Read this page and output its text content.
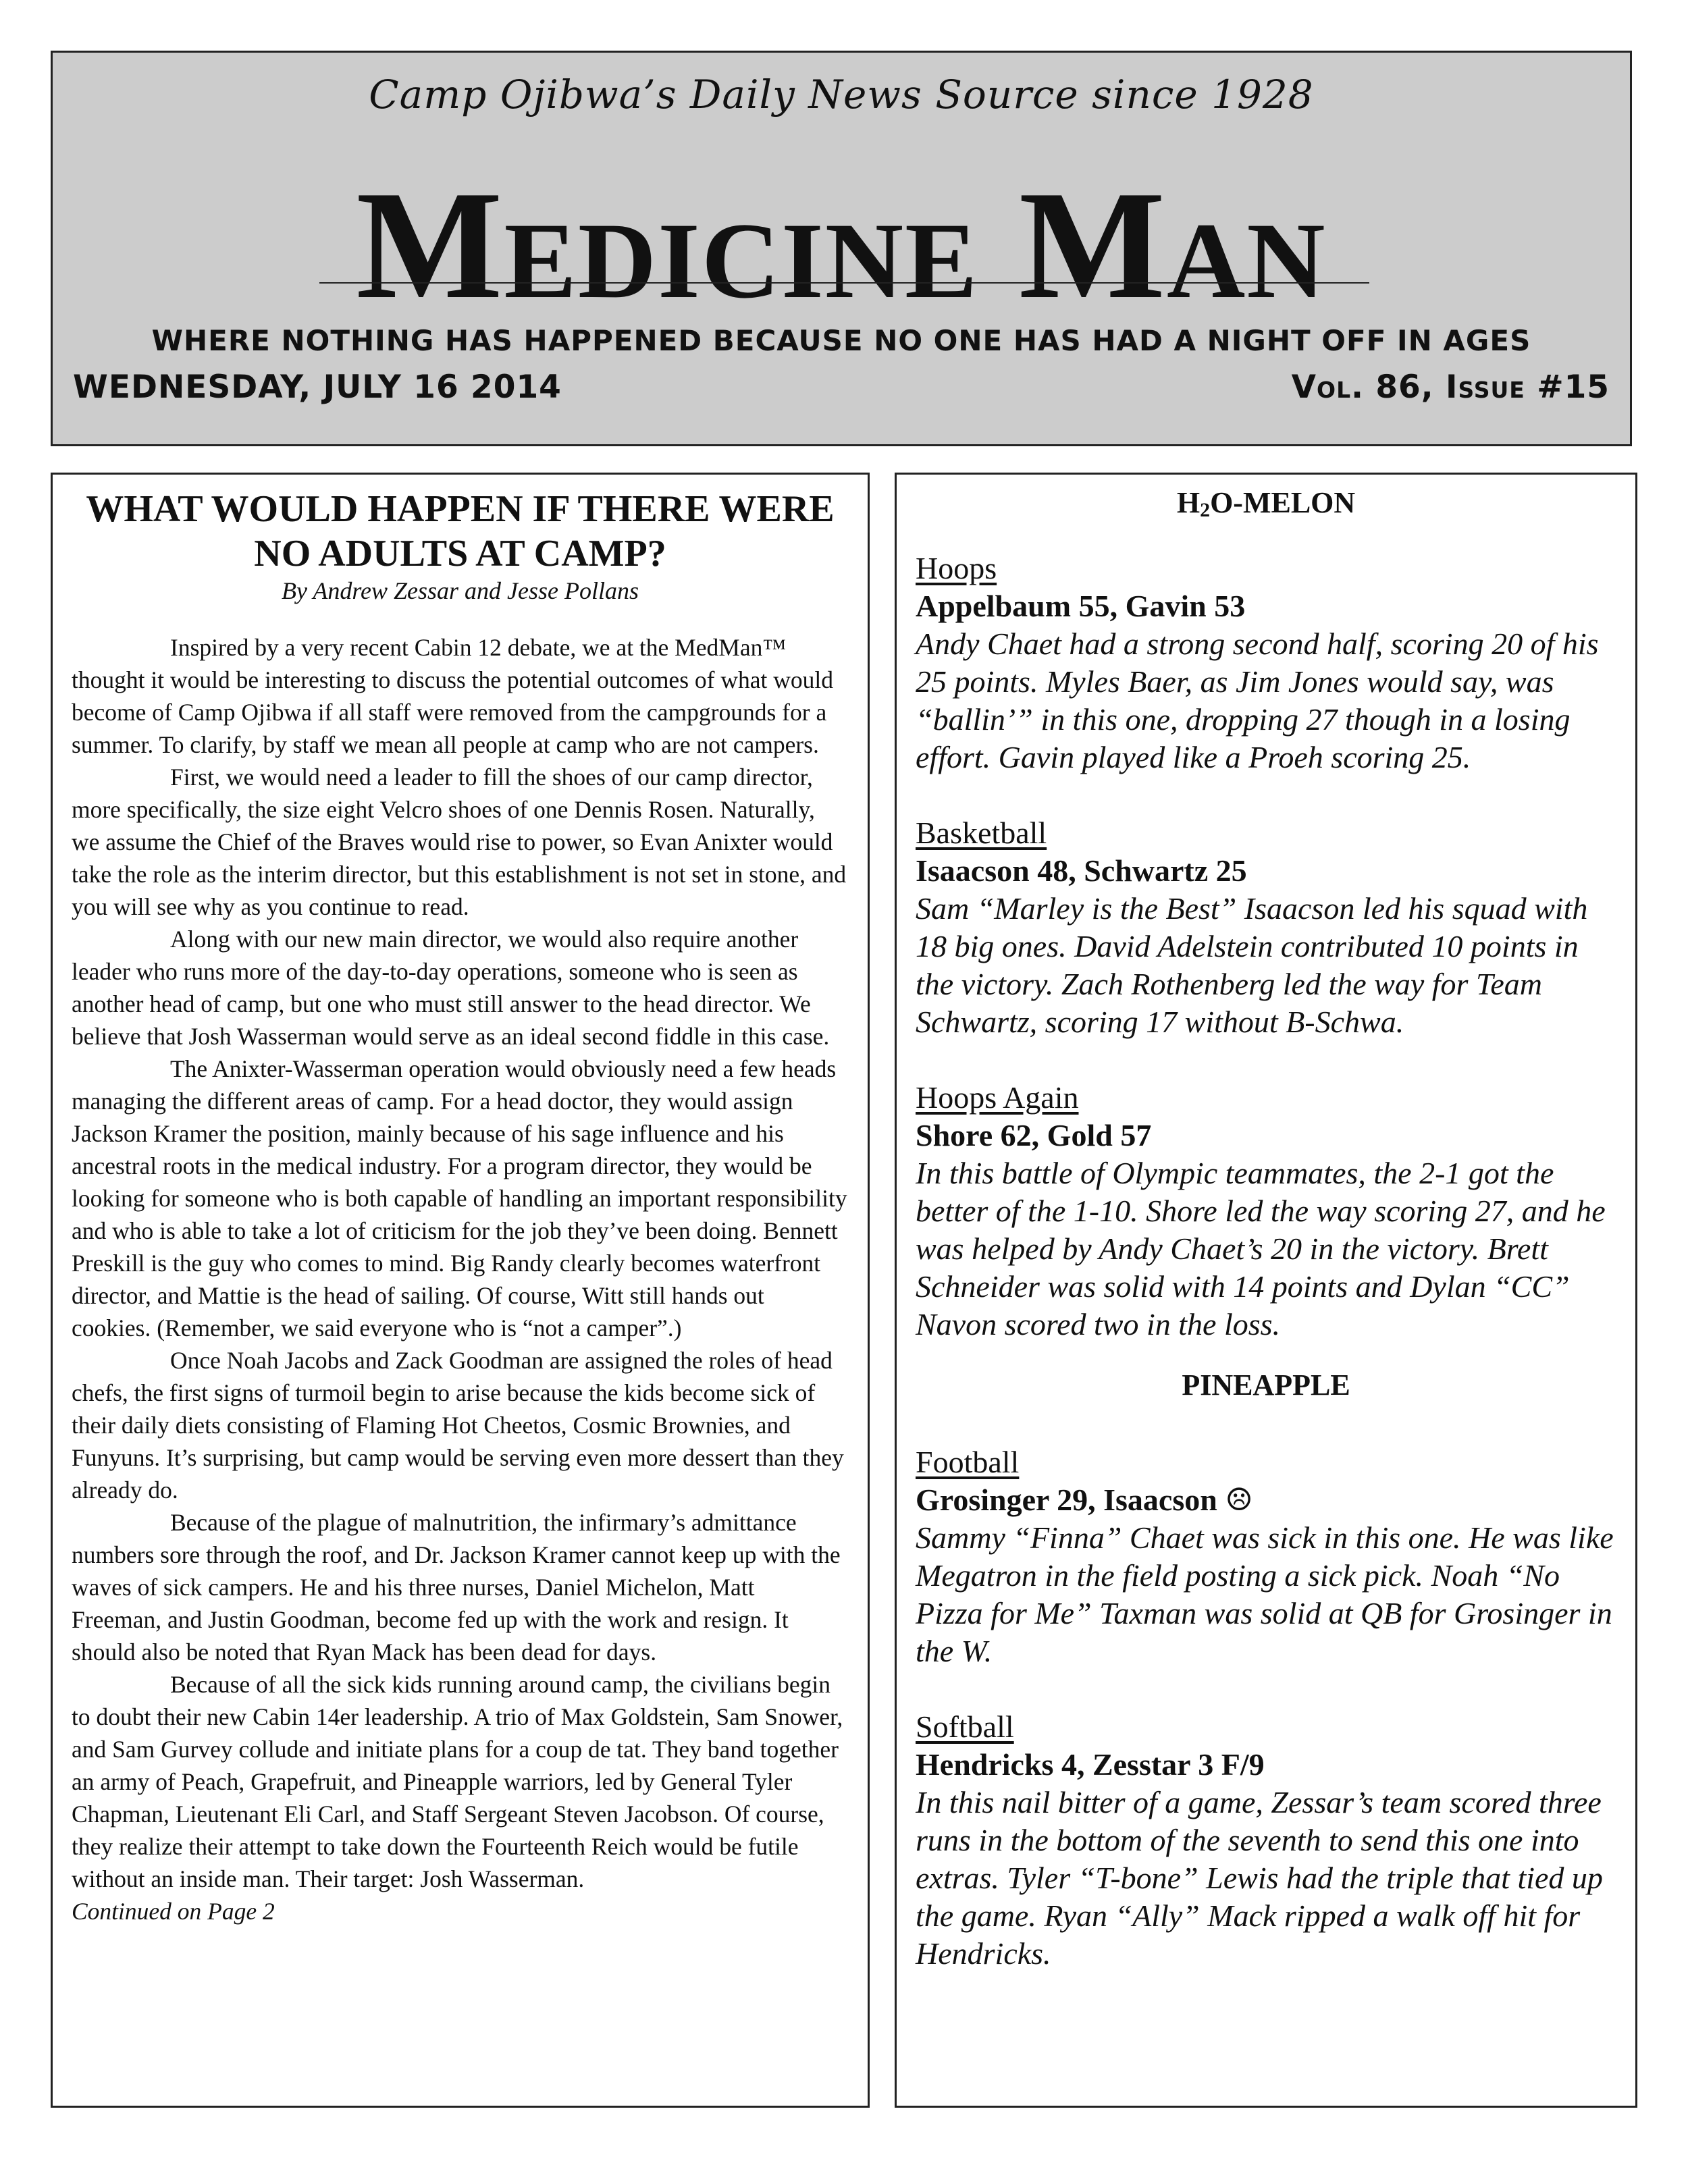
Camp Ojibwa’s Daily News Source since 1928
Medicine Man
WHERE NOTHING HAS HAPPENED BECAUSE NO ONE HAS HAD A NIGHT OFF IN AGES
WEDNESDAY, JULY 16 2014	Vol. 86, Issue #15
WHAT WOULD HAPPEN IF THERE WERE NO ADULTS AT CAMP?
By Andrew Zessar and Jesse Pollans

Inspired by a very recent Cabin 12 debate, we at the MedMan™ thought it would be interesting to discuss the potential outcomes of what would become of Camp Ojibwa if all staff were removed from the campgrounds for a summer. To clarify, by staff we mean all people at camp who are not campers.

First, we would need a leader to fill the shoes of our camp director, more specifically, the size eight Velcro shoes of one Dennis Rosen. Naturally, we assume the Chief of the Braves would rise to power, so Evan Anixter would take the role as the interim director, but this establishment is not set in stone, and you will see why as you continue to read.

Along with our new main director, we would also require another leader who runs more of the day-to-day operations, someone who is seen as another head of camp, but one who must still answer to the head director. We believe that Josh Wasserman would serve as an ideal second fiddle in this case.

The Anixter-Wasserman operation would obviously need a few heads managing the different areas of camp. For a head doctor, they would assign Jackson Kramer the position, mainly because of his sage influence and his ancestral roots in the medical industry. For a program director, they would be looking for someone who is both capable of handling an important responsibility and who is able to take a lot of criticism for the job they’ve been doing. Bennett Preskill is the guy who comes to mind. Big Randy clearly becomes waterfront director, and Mattie is the head of sailing. Of course, Witt still hands out cookies. (Remember, we said everyone who is “not a camper”.)

Once Noah Jacobs and Zack Goodman are assigned the roles of head chefs, the first signs of turmoil begin to arise because the kids become sick of their daily diets consisting of Flaming Hot Cheetos, Cosmic Brownies, and Funyuns. It’s surprising, but camp would be serving even more dessert than they already do.

Because of the plague of malnutrition, the infirmary’s admittance numbers sore through the roof, and Dr. Jackson Kramer cannot keep up with the waves of sick campers. He and his three nurses, Daniel Michelon, Matt Freeman, and Justin Goodman, become fed up with the work and resign. It should also be noted that Ryan Mack has been dead for days.

Because of all the sick kids running around camp, the civilians begin to doubt their new Cabin 14er leadership. A trio of Max Goldstein, Sam Snower, and Sam Gurvey collude and initiate plans for a coup de tat. They band together an army of Peach, Grapefruit, and Pineapple warriors, led by General Tyler Chapman, Lieutenant Eli Carl, and Staff Sergeant Steven Jacobson. Of course, they realize their attempt to take down the Fourteenth Reich would be futile without an inside man. Their target: Josh Wasserman.

Continued on Page 2
$H_2O$-MELON
Hoops
Appelbaum 55, Gavin 53
Andy Chaet had a strong second half, scoring 20 of his 25 points. Myles Baer, as Jim Jones would say, was “ballin’” in this one, dropping 27 though in a losing effort. Gavin played like a Proeh scoring 25.
Basketball
Isaacson 48, Schwartz 25
Sam “Marley is the Best” Isaacson led his squad with 18 big ones. David Adelstein contributed 10 points in the victory. Zach Rothenberg led the way for Team Schwartz, scoring 17 without B-Schwa.
Hoops Again
Shore 62, Gold 57
In this battle of Olympic teammates, the 2-1 got the better of the 1-10. Shore led the way scoring 27, and he was helped by Andy Chaet’s 20 in the victory. Brett Schneider was solid with 14 points and Dylan “CC” Navon scored two in the loss.
PINEAPPLE
Football
Grosinger 29, Isaacson ☹
Sammy “Finna” Chaet was sick in this one. He was like Megatron in the field posting a sick pick. Noah “No Pizza for Me” Taxman was solid at QB for Grosinger in the W.
Softball
Hendricks 4, Zesstar 3 F/9
In this nail bitter of a game, Zessar’s team scored three runs in the bottom of the seventh to send this one into extras. Tyler “T-bone” Lewis had the triple that tied up the game. Ryan “Ally” Mack ripped a walk off hit for Hendricks.
